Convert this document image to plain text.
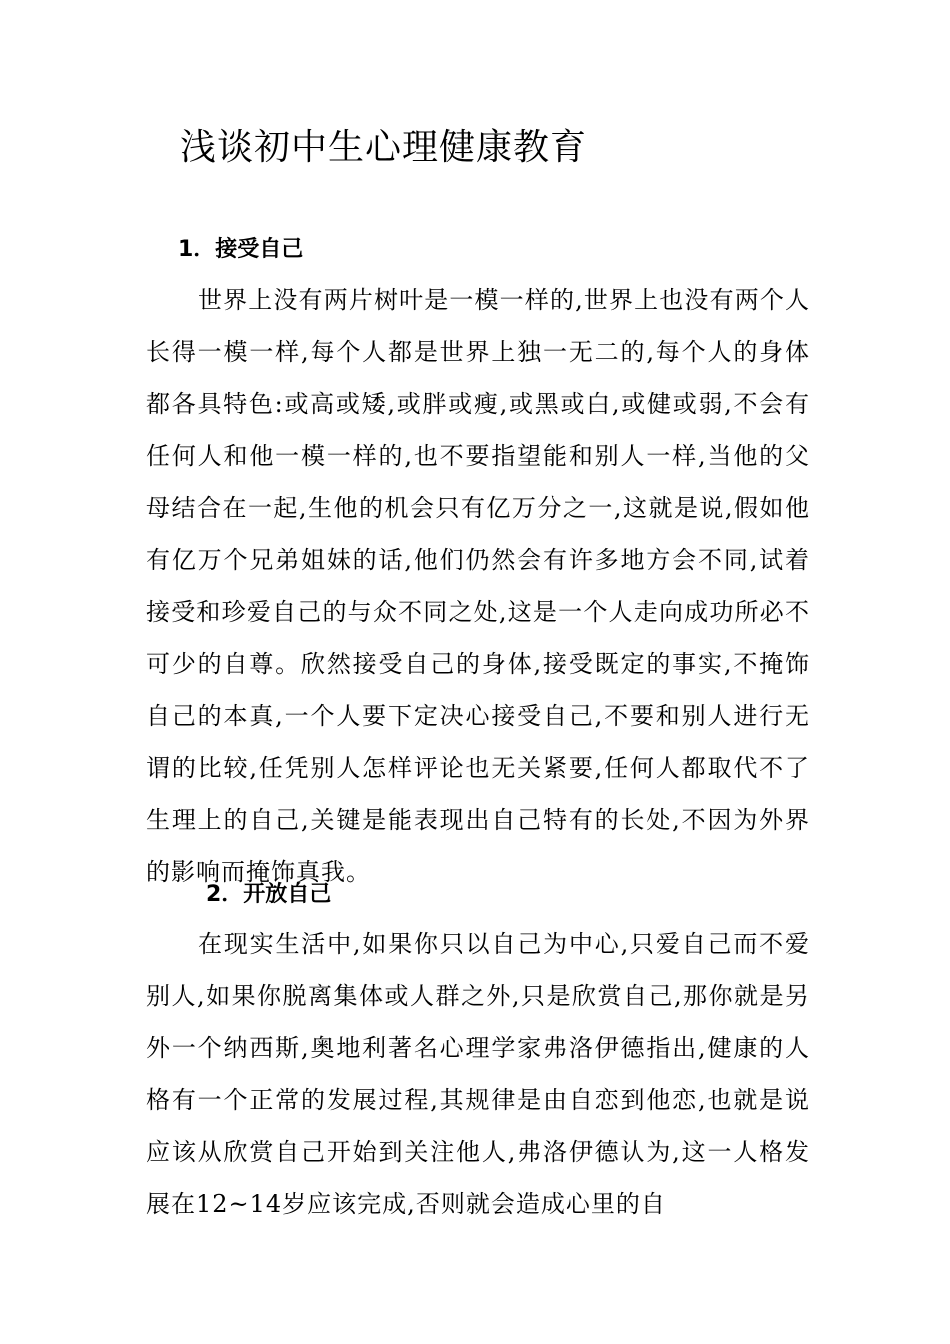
浅谈初中生心理健康教育
1．接受自己

世界上没有两片树叶是一模一样的,世界上也没有两个人长得一模一样,每个人都是世界上独一无二的,每个人的身体都各具特色:或高或矮,或胖或瘦,或黑或白,或健或弱,不会有任何人和他一模一样的,也不要指望能和别人一样,当他的父母结合在一起,生他的机会只有亿万分之一,这就是说,假如他有亿万个兄弟姐妹的话,他们仍然会有许多地方会不同,试着接受和珍爱自己的与众不同之处,这是一个人走向成功所必不可少的自尊。欣然接受自己的身体,接受既定的事实,不掩饰自己的本真,一个人要下定决心接受自己,不要和别人进行无谓的比较,任凭别人怎样评论也无关紧要,任何人都取代不了生理上的自己,关键是能表现出自己特有的长处,不因为外界的影响而掩饰真我。

2．开放自己

在现实生活中,如果你只以自己为中心,只爱自己而不爱别人,如果你脱离集体或人群之外,只是欣赏自己,那你就是另外一个纳西斯,奥地利著名心理学家弗洛伊德指出,健康的人格有一个正常的发展过程,其规律是由自恋到他恋,也就是说应该从欣赏自己开始到关注他人,弗洛伊德认为,这一人格发展在12~14岁应该完成,否则就会造成心里的自
